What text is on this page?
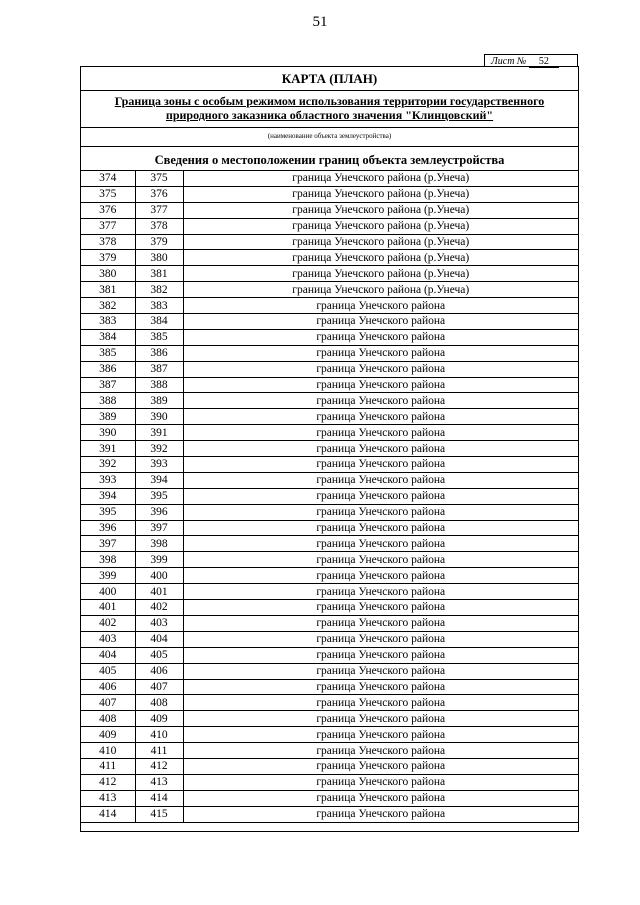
51
Лист № 52
КАРТА (ПЛАН)
Граница зоны с особым режимом использования территории государственного
природного заказника областного значения "Клинцовский"
(наименование объекта землеустройства)
Сведения о местоположении границ объекта землеустройства
374	375	граница Унечского района (р.Унеча)
375	376	граница Унечского района (р.Унеча)
376	377	граница Унечского района (р.Унеча)
377	378	граница Унечского района (р.Унеча)
378	379	граница Унечского района (р.Унеча)
379	380	граница Унечского района (р.Унеча)
380	381	граница Унечского района (р.Унеча)
381	382	граница Унечского района (р.Унеча)
382	383	граница Унечского района
383	384	граница Унечского района
384	385	граница Унечского района
385	386	граница Унечского района
386	387	граница Унечского района
387	388	граница Унечского района
388	389	граница Унечского района
389	390	граница Унечского района
390	391	граница Унечского района
391	392	граница Унечского района
392	393	граница Унечского района
393	394	граница Унечского района
394	395	граница Унечского района
395	396	граница Унечского района
396	397	граница Унечского района
397	398	граница Унечского района
398	399	граница Унечского района
399	400	граница Унечского района
400	401	граница Унечского района
401	402	граница Унечского района
402	403	граница Унечского района
403	404	граница Унечского района
404	405	граница Унечского района
405	406	граница Унечского района
406	407	граница Унечского района
407	408	граница Унечского района
408	409	граница Унечского района
409	410	граница Унечского района
410	411	граница Унечского района
411	412	граница Унечского района
412	413	граница Унечского района
413	414	граница Унечского района
414	415	граница Унечского района
